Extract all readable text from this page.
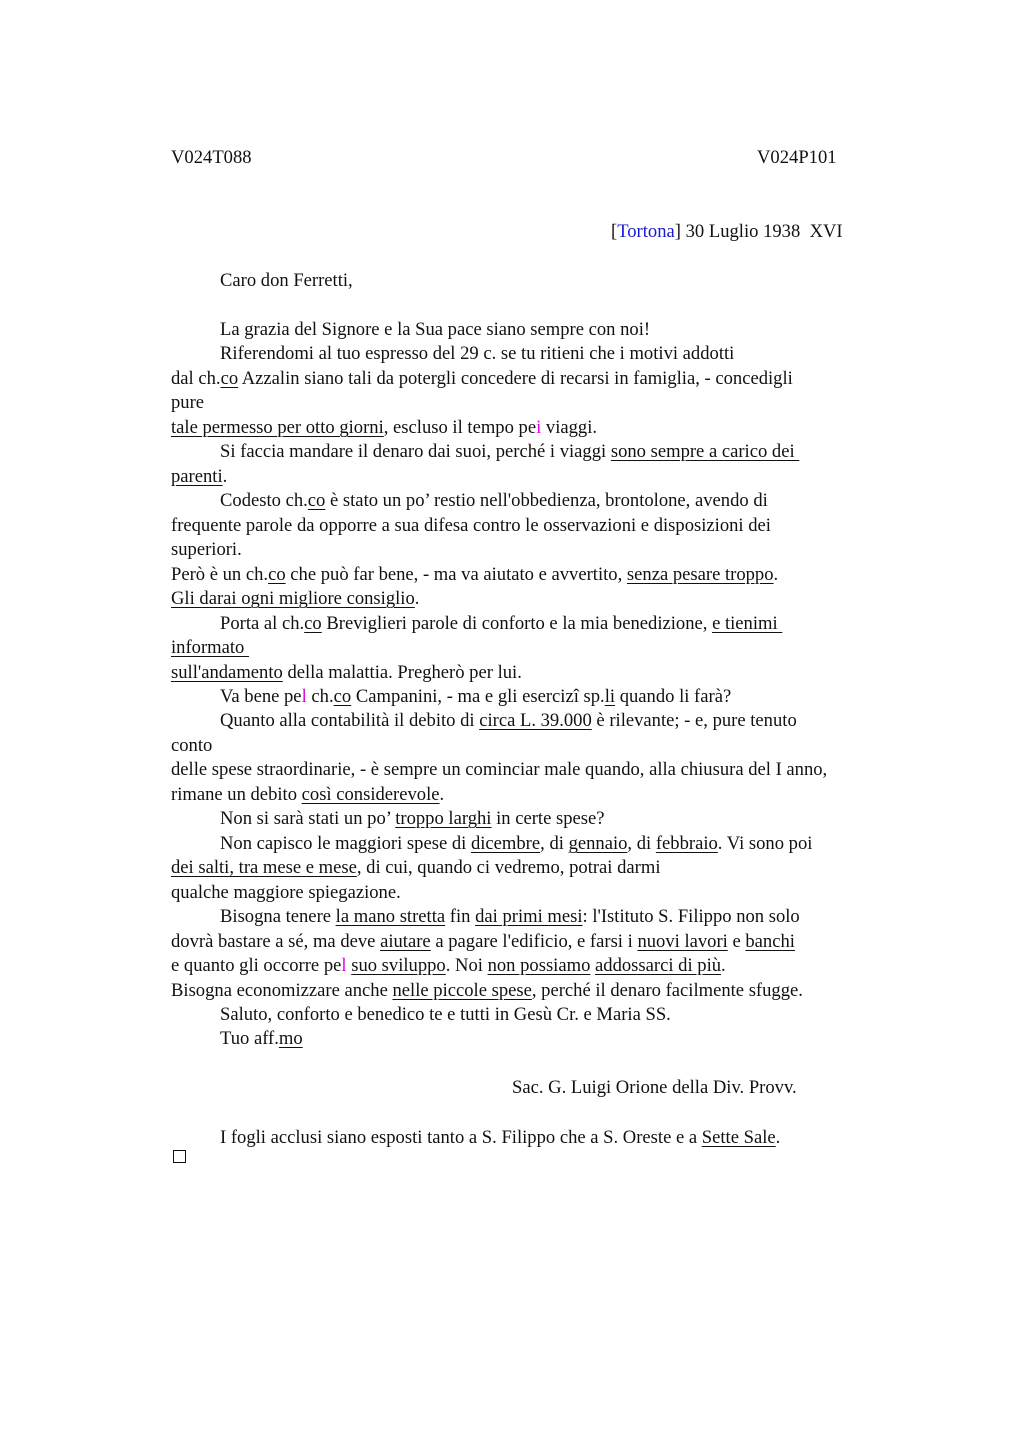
V024T088	V024P101
[Tortona] 30 Luglio 1938  XVI
Caro don Ferretti,
La grazia del Signore e la Sua pace siano sempre con noi!
Riferendomi al tuo espresso del 29 c. se tu ritieni che i motivi addotti
dal ch.co Azzalin siano tali da potergli concedere di recarsi in famiglia, - concedigli
pure
tale permesso per otto giorni, escluso il tempo pei viaggi.
Si faccia mandare il denaro dai suoi, perché i viaggi sono sempre a carico dei
parenti.
Codesto ch.co è stato un po’ restio nell'obbedienza, brontolone, avendo di
frequente parole da opporre a sua difesa contro le osservazioni e disposizioni dei
superiori.
Però è un ch.co che può far bene, - ma va aiutato e avvertito, senza pesare troppo.
Gli darai ogni migliore consiglio.
Porta al ch.co Breviglieri parole di conforto e la mia benedizione, e tienimi
informato
sull'andamento della malattia. Pregherò per lui.
Va bene pel ch.co Campanini, - ma e gli esercizî sp.li quando li farà?
Quanto alla contabilità il debito di circa L. 39.000 è rilevante; - e, pure tenuto
conto
delle spese straordinarie, - è sempre un cominciar male quando, alla chiusura del I anno,
rimane un debito così considerevole.
Non si sarà stati un po’ troppo larghi in certe spese?
Non capisco le maggiori spese di dicembre, di gennaio, di febbraio. Vi sono poi
dei salti, tra mese e mese, di cui, quando ci vedremo, potrai darmi
qualche maggiore spiegazione.
Bisogna tenere la mano stretta fin dai primi mesi: l'Istituto S. Filippo non solo
dovrà bastare a sé, ma deve aiutare a pagare l'edificio, e farsi i nuovi lavori e banchi
e quanto gli occorre pel suo sviluppo. Noi non possiamo addossarci di più.
Bisogna economizzare anche nelle piccole spese, perché il denaro facilmente sfugge.
Saluto, conforto e benedico te e tutti in Gesù Cr. e Maria SS.
Tuo aff.mo
Sac. G. Luigi Orione della Div. Provv.
I fogli acclusi siano esposti tanto a S. Filippo che a S. Oreste e a Sette Sale.
